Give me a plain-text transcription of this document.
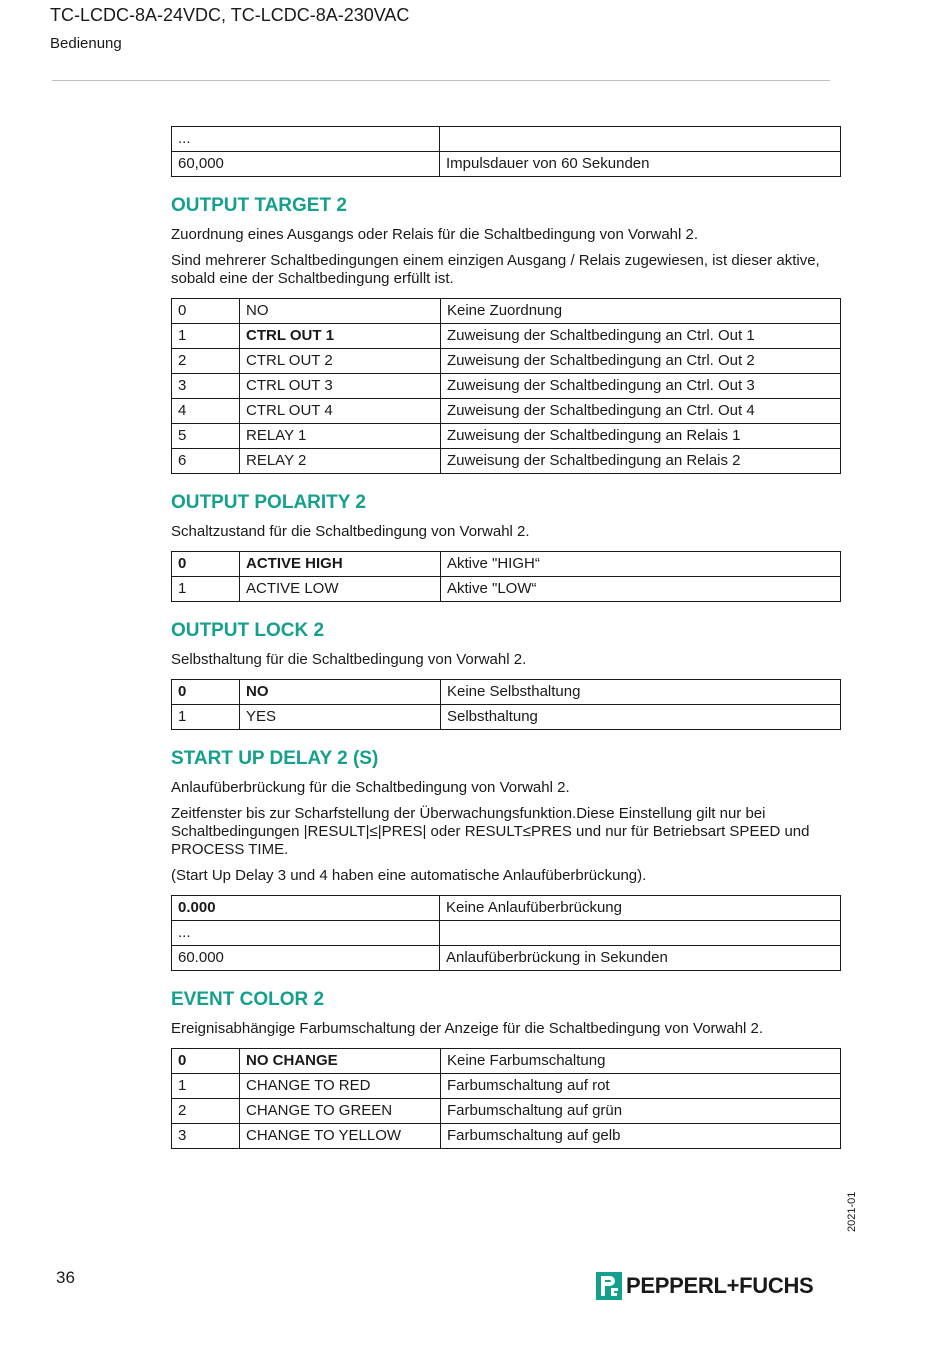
TC-LCDC-8A-24VDC, TC-LCDC-8A-230VAC
Bedienung
...	
60,000	Impulsdauer von 60 Sekunden
OUTPUT TARGET 2

Zuordnung eines Ausgangs oder Relais für die Schaltbedingung von Vorwahl 2.

Sind mehrerer Schaltbedingungen einem einzigen Ausgang / Relais zugewiesen, ist dieser aktive, sobald eine der Schaltbedingung erfüllt ist.

0	NO	Keine Zuordnung
1	CTRL OUT 1	Zuweisung der Schaltbedingung an Ctrl. Out 1
2	CTRL OUT 2	Zuweisung der Schaltbedingung an Ctrl. Out 2
3	CTRL OUT 3	Zuweisung der Schaltbedingung an Ctrl. Out 3
4	CTRL OUT 4	Zuweisung der Schaltbedingung an Ctrl. Out 4
5	RELAY 1	Zuweisung der Schaltbedingung an Relais 1
6	RELAY 2	Zuweisung der Schaltbedingung an Relais 2
OUTPUT POLARITY 2

Schaltzustand für die Schaltbedingung von Vorwahl 2.

0	ACTIVE HIGH	Aktive "HIGH“
1	ACTIVE LOW	Aktive "LOW“
OUTPUT LOCK 2

Selbsthaltung für die Schaltbedingung von Vorwahl 2.

0	NO	Keine Selbsthaltung
1	YES	Selbsthaltung
START UP DELAY 2 (S)

Anlaufüberbrückung für die Schaltbedingung von Vorwahl 2.

Zeitfenster bis zur Scharfstellung der Überwachungsfunktion.Diese Einstellung gilt nur bei Schaltbedingungen |RESULT|≤|PRES| oder RESULT≤PRES und nur für Betriebsart SPEED und PROCESS TIME.

(Start Up Delay 3 und 4 haben eine automatische Anlaufüberbrückung).

0.000	Keine Anlaufüberbrückung
...	
60.000	Anlaufüberbrückung in Sekunden
EVENT COLOR 2

Ereignisabhängige Farbumschaltung der Anzeige für die Schaltbedingung von Vorwahl 2.

0	NO CHANGE	Keine Farbumschaltung
1	CHANGE TO RED	Farbumschaltung auf rot
2	CHANGE TO GREEN	Farbumschaltung auf grün
3	CHANGE TO YELLOW	Farbumschaltung auf gelb
2021-01
36	PEPPERL+FUCHS
